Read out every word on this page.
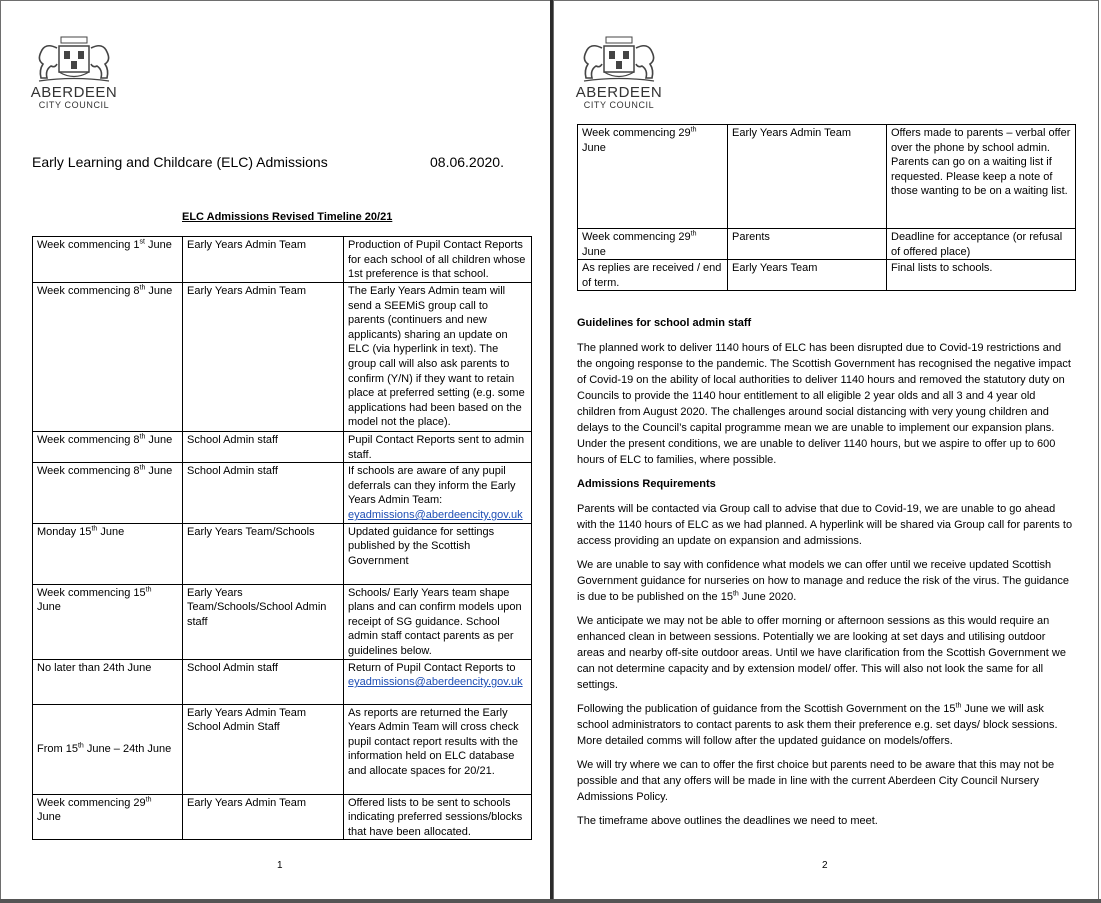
ABERDEEN
CITY COUNCIL
Early Learning and Childcare (ELC) Admissions	08.06.2020.
ELC Admissions Revised Timeline 20/21
Week commencing 1st June	Early Years Admin Team	Production of Pupil Contact Reports for each school of all children whose 1st preference is that school.
Week commencing 8th June	Early Years Admin Team	The Early Years Admin team will send a SEEMiS group call to parents (continuers and new applicants) sharing an update on ELC (via hyperlink in text). The group call will also ask parents to confirm (Y/N) if they want to retain place at preferred setting (e.g. some applications had been based on the model not the place).
Week commencing 8th June	School Admin staff	Pupil Contact Reports sent to admin staff.
Week commencing 8th June	School Admin staff	If schools are aware of any pupil deferrals can they inform the Early Years Admin Team:
eyadmissions@aberdeencity.gov.uk
Monday 15th June	Early Years Team/Schools	Updated guidance for settings published by the Scottish Government
Week commencing 15th June	Early Years Team/Schools/School Admin staff	Schools/ Early Years team shape plans and can confirm models upon receipt of SG guidance. School admin staff contact parents as per guidelines below.
No later than 24th June	School Admin staff	Return of Pupil Contact Reports to
eyadmissions@aberdeencity.gov.uk
From 15th June – 24th June	Early Years Admin Team School Admin Staff	As reports are returned the Early Years Admin Team will cross check pupil contact report results with the information held on ELC database and allocate spaces for 20/21.
Week commencing 29th June	Early Years Admin Team	Offered lists to be sent to schools indicating preferred sessions/blocks that have been allocated.
1
ABERDEEN
CITY COUNCIL
Week commencing 29th June	Early Years Admin Team	Offers made to parents – verbal offer over the phone by school admin. Parents can go on a waiting list if requested. Please keep a note of those wanting to be on a waiting list.
Week commencing 29th June	Parents	Deadline for acceptance (or refusal of offered place)
As replies are received / end of term.	Early Years Team	Final lists to schools.

Guidelines for school admin staff

The planned work to deliver 1140 hours of ELC has been disrupted due to Covid-19 restrictions and the ongoing response to the pandemic. The Scottish Government has recognised the negative impact of Covid-19 on the ability of local authorities to deliver 1140 hours and removed the statutory duty on Councils to provide the 1140 hour entitlement to all eligible 2 year olds and all 3 and 4 year old children from August 2020. The challenges around social distancing with very young children and delays to the Council’s capital programme mean we are unable to implement our expansion plans. Under the present conditions, we are unable to deliver 1140 hours, but we aspire to offer up to 600 hours of ELC to families, where possible.

Admissions Requirements

Parents will be contacted via Group call to advise that due to Covid-19, we are unable to go ahead with the 1140 hours of ELC as we had planned. A hyperlink will be shared via Group call for parents to access providing an update on expansion and admissions.

We are unable to say with confidence what models we can offer until we receive updated Scottish Government guidance for nurseries on how to manage and reduce the risk of the virus. The guidance is due to be published on the 15th June 2020.

We anticipate we may not be able to offer morning or afternoon sessions as this would require an enhanced clean in between sessions. Potentially we are looking at set days and utilising outdoor areas and nearby off-site outdoor areas. Until we have clarification from the Scottish Government we can not determine capacity and by extension model/ offer. This will also not look the same for all settings.

Following the publication of guidance from the Scottish Government on the 15th June we will ask school administrators to contact parents to ask them their preference e.g. set days/ block sessions. More detailed comms will follow after the updated guidance on models/offers.

We will try where we can to offer the first choice but parents need to be aware that this may not be possible and that any offers will be made in line with the current Aberdeen City Council Nursery Admissions Policy.

The timeframe above outlines the deadlines we need to meet.

2
